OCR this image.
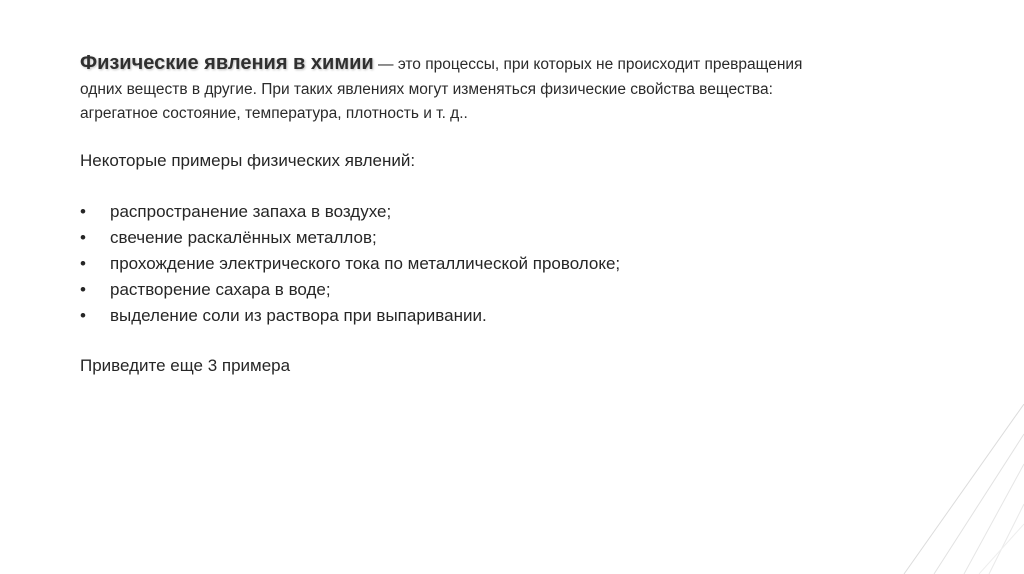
Физические явления в химии — это процессы, при которых не происходит превращения

одних веществ в другие. При таких явлениях могут изменяться физические свойства вещества:

агрегатное состояние, температура, плотность и т. д..

Некоторые примеры физических явлений:

•	распространение запаха в воздухе;
•	свечение раскалённых металлов;
•	прохождение электрического тока по металлической проволоке;
•	растворение сахара в воде;
•	выделение соли из раствора при выпаривании.

Приведите еще 3 примера
